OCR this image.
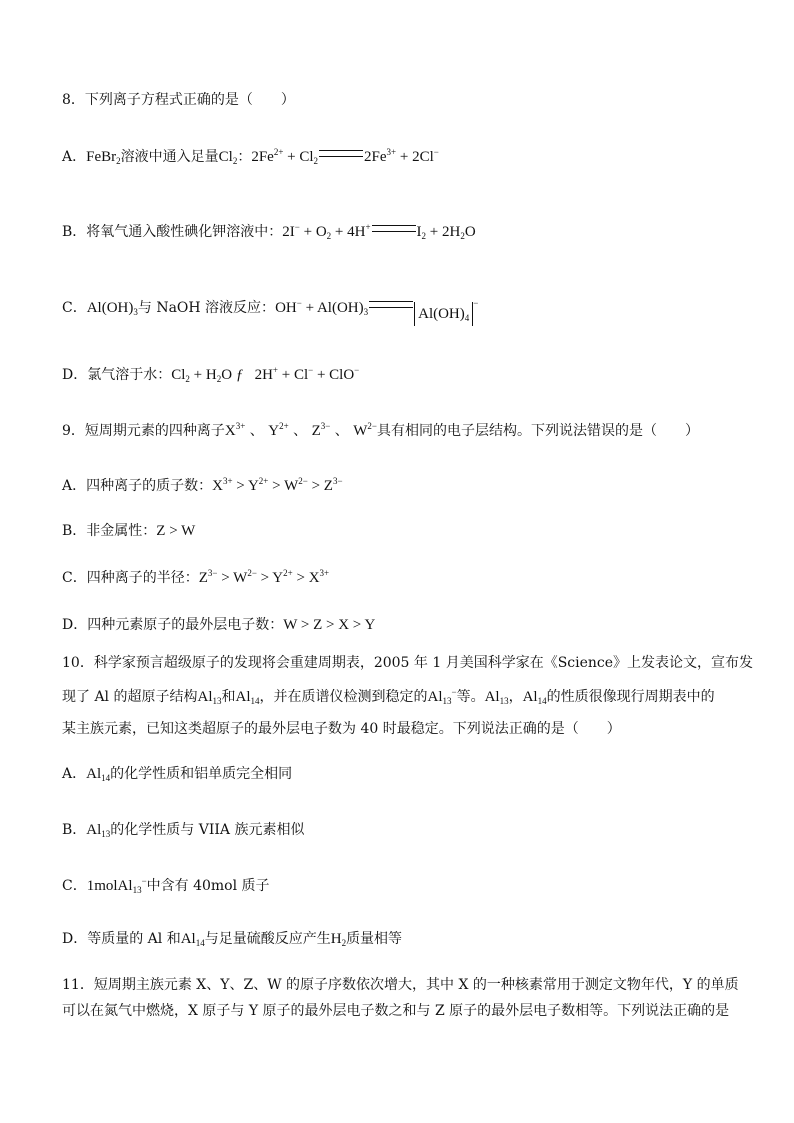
8．下列离子方程式正确的是（　　）
A．FeBr$_2$溶液中通入足量$Cl_2$：$2Fe^{2+} + Cl_2$	$2Fe^{3+} + 2Cl^-$
B．将氧气通入酸性碘化钾溶液中：$2I^- + O_2 + 4H^+$	$I_2 + 2H_2O$
C．$Al(OH)_3$与 NaOH 溶液反应：$OH^- + Al(OH)_3$	$Al(OH)_4^-$
D．氯气溶于水：$Cl_2 + H_2O$ ƒ   2H+ + Cl− + ClO−
9．短周期元素的四种离子$X^{3+}$ 、 $Y^{2+}$ 、 $Z^{3-}$ 、 $W^{2-}$具有相同的电子层结构。下列说法错误的是（　　）
A．四种离子的质子数：$X^{3+} > Y^{2+} > W^{2-} > Z^{3-}$
B．非金属性：Z > W
C．四种离子的半径：$Z^{3-} > W^{2-} > Y^{2+} > X^{3+}$
D．四种元素原子的最外层电子数：W > Z > X > Y
10．科学家预言超级原子的发现将会重建周期表，2005 年 1 月美国科学家在《Science》上发表论文，宣布发
现了 Al 的超原子结构$Al_{13}$和$Al_{14}$，并在质谱仪检测到稳定的$Al_{13}^-$等。$Al_{13}$，$Al_{14}$的性质很像现行周期表中的
某主族元素，已知这类超原子的最外层电子数为 40 时最稳定。下列说法正确的是（　　）
A．$Al_{14}$的化学性质和铝单质完全相同
B．$Al_{13}$的化学性质与 VIIA 族元素相似
C．1molAl$_{13}$−中含有 40mol 质子
D．等质量的 Al 和$Al_{14}$与足量硫酸反应产生$H_2$质量相等
11．短周期主族元素 X、Y、Z、W 的原子序数依次增大，其中 X 的一种核素常用于测定文物年代，Y 的单质
可以在氮气中燃烧，X 原子与 Y 原子的最外层电子数之和与 Z 原子的最外层电子数相等。下列说法正确的是
